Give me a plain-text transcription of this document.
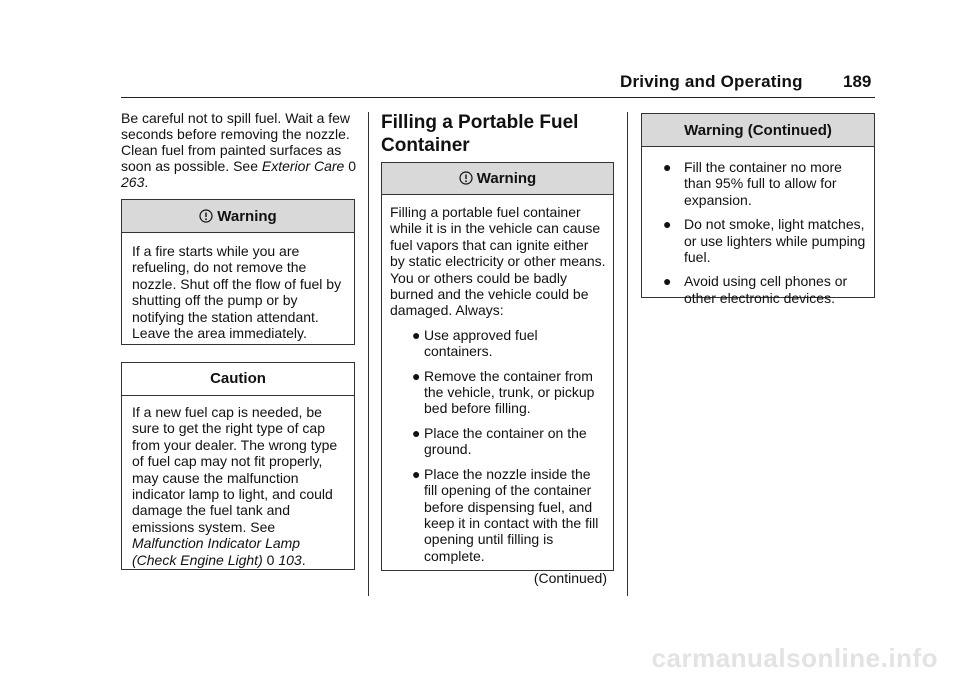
Driving and Operating 189
Be careful not to spill fuel. Wait a few seconds before removing the nozzle. Clean fuel from painted surfaces as soon as possible. See Exterior Care 0 263.
Warning
If a fire starts while you are refueling, do not remove the nozzle. Shut off the flow of fuel by shutting off the pump or by notifying the station attendant. Leave the area immediately.
Caution
If a new fuel cap is needed, be sure to get the right type of cap from your dealer. The wrong type of fuel cap may not fit properly, may cause the malfunction indicator lamp to light, and could damage the fuel tank and emissions system. See Malfunction Indicator Lamp (Check Engine Light) 0 103.
Filling a Portable Fuel Container
Warning
Filling a portable fuel container while it is in the vehicle can cause fuel vapors that can ignite either by static electricity or other means. You or others could be badly burned and the vehicle could be damaged. Always:
● Use approved fuel containers.
● Remove the container from the vehicle, trunk, or pickup bed before filling.
● Place the container on the ground.
● Place the nozzle inside the fill opening of the container before dispensing fuel, and keep it in contact with the fill opening until filling is complete.
(Continued)
Warning (Continued)
● Fill the container no more than 95% full to allow for expansion.
● Do not smoke, light matches, or use lighters while pumping fuel.
● Avoid using cell phones or other electronic devices.
carmanualsonline.info
